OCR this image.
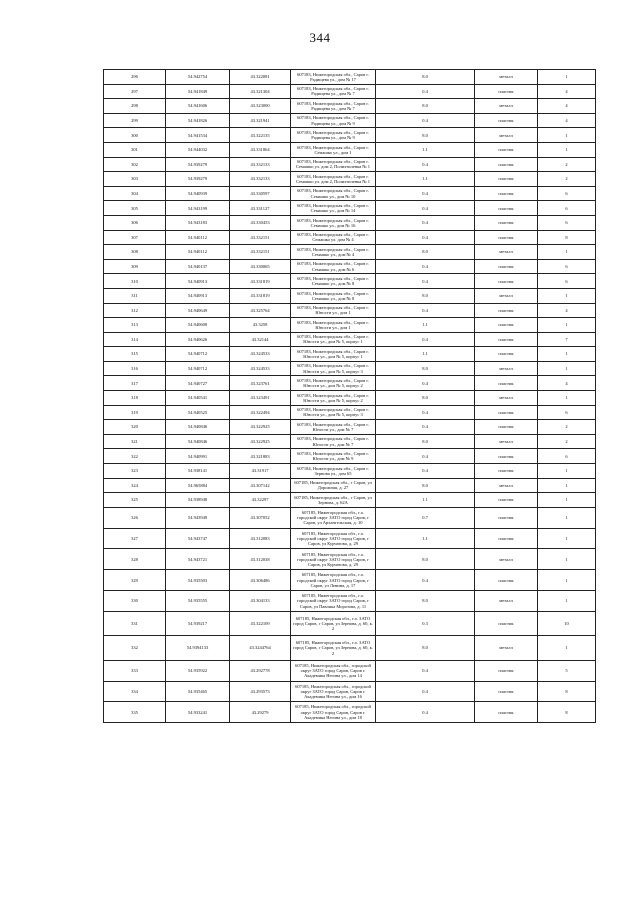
344
296	54.942754	43.322081	607183, Нижегородская обл., Саров г. Радищева ул., дом № 17	8.0	металл	1
297	54.941849	43.321304	607183, Нижегородская обл., Саров г. Радищева ул., дом № 7	0.4	пластик	4
298	54.941606	43.323000	607183, Нижегородская обл., Саров г. Радищева ул., дом № 7	8.0	металл	4
299	54.941826	43.321941	607183, Нижегородская обл., Саров г. Радищева ул., дом № 9	0.4	пластик	4
300	54.941534	43.322135	607183, Нижегородская обл., Саров г. Радищева ул., дом № 9	8.0	металл	1
301	54.944032	43.331864	607183, Нижегородская обл., Саров г. Семашко ул., дом 1	1.1	пластик	1
302	54.939279	43.332133	607183, Нижегородская обл., Саров г. Семашко ул. дом 2, Полиэтиленка № 1	0.4	пластик	2
303	54.939279	43.332133	607183, Нижегородская обл., Саров г. Семашко ул. дом 2, Полиэтиленка № 1	1.1	пластик	2
304	54.940939	43.330597	607183, Нижегородская обл., Саров г. Семашко ул., дом № 10	0.4	пластик	6
305	54.943199	43.331127	607183, Нижегородская обл., Саров г. Семашко ул., дом № 14	0.4	пластик	6
306	54.943183	43.330453	607183, Нижегородская обл., Саров г. Семашко ул., дом № 16	0.4	пластик	6
307	54.940112	43.332151	607183, Нижегородская обл., Саров г. Семашко ул. дом № 4	0.4	пластик	8
308	54.940112	43.332151	607183, Нижегородская обл., Саров г. Семашко ул., дом № 4	8.0	металл	1
309	54.940137	43.330065	607183, Нижегородская обл., Саров г. Семашко ул., дом № 6	0.4	пластик	6
310	54.940913	43.331819	607183, Нижегородская обл., Саров г. Семашко ул., дом № 8	0.4	пластик	6
311	54.940913	43.331819	607183, Нижегородская обл., Саров г. Семашко ул., дом № 8	8.0	металл	1
312	54.940649	43.325764	607183, Нижегородская обл., Саров г. Юности ул., дом 1	0.4	пластик	4
313	54.940608	43.3258	607183, Нижегородская обл., Саров г. Юности ул., дом 1	1.1	пластик	1
314	54.940626	43.32144	607183, Нижегородская обл., Саров г. Юности ул., дом № 5, корпус 1	0.4	пластик	7
315	54.940712	43.324533	607183, Нижегородская обл., Саров г. Юности ул., дом № 5, корпус 1	1.1	пластик	1
316	54.940712	43.324533	607183, Нижегородская обл., Саров г. Юности ул., дом № 5, корпус 3	8.0	металл	1
317	54.940727	43.323761	607183, Нижегородская обл., Саров г. Юности ул., дом № 5, корпус 2	0.4	пластик	4
318	54.940541	43.323491	607183, Нижегородская обл., Саров г. Юности ул., дом № 5, корпус 2	8.0	металл	1
319	54.940525	43.322494	607183, Нижегородская обл., Саров г. Юности ул., дом № 5, корпус 3	0.4	пластик	6
320	54.940846	43.322925	607183, Нижегородская обл., Саров г. Юности ул., дом № 7	0.4	пластик	2
321	54.940846	43.322925	607183, Нижегородская обл., Саров г. Юности ул., дом № 7	8.0	металл	2
322	54.940991	43.321883	607183, Нижегородская обл., Саров г. Юности ул., дом № 9	0.4	пластик	6
323	54.938141	43.31917	607184, Нижегородская обл., Саров г. Зернова ул., дом 65	0.4	пластик	1
324	54.965884	43.307142	607185, Нижегородская обл., г Саров, ул Дорожная, д. 27	8.0	металл	1
325	54.938948	43.32297	607185, Нижегородская обл., г Саров, ул Зернова, д. 62А	1.1	пластик	1
326	54.943949	43.307052	607185, Нижегородская обл., г.о. городской округ ЗАТО город Саров, г Саров, ул Архангельская, д. 10	0.7	пластик	1
327	54.943747	43.312083	607185, Нижегородская обл., г.о. городской округ ЗАТО город Саров, г Саров, ул Курчатова, д. 29	1.1	пластик	1
328	54.943721	43.312038	607185, Нижегородская обл., г.о. городской округ ЗАТО город Саров, г Саров, ул Курчатова, д. 29	8.0	металл	1
329	54.935503	43.306486	607185, Нижегородская обл., г.о. городской округ ЗАТО город Саров, г Саров, ул Ленина, д. 17	0.4	пластик	1
330	54.935555	43.304133	607185, Нижегородская обл., г.о. городской округ ЗАТО город Саров, г Саров, ул Павлика Морозова, д. 11	8.0	металл	1
331	54.939217	43.322109	607185, Нижегородская обл., г.о. ЗАТО город Саров, г Саров, ул Зернова, д. 60, к. 2	0.3	пластик	10
332	54.9394133	43.3244764	607185, Нижегородская обл., г.о. ЗАТО город Саров, г Саров, ул Зернова, д. 60, к. 2	8.0	металл	1
333	54.935922	43.292778	607185, Нижегородская обл., городской округ ЗАТО город Саров, Саров г. Академика Негина ул., дом 14	0.4	пластик	5
334	54.935465	43.293573	607185, Нижегородская обл., городской округ ЗАТО город Саров, Саров г. Академика Негина ул., дом 16	0.4	пластик	8
335	54.933241	43.29279	607185, Нижегородская обл., городской округ ЗАТО город Саров, Саров г. Академика Негина ул., дом 18	0.4	пластик	8
